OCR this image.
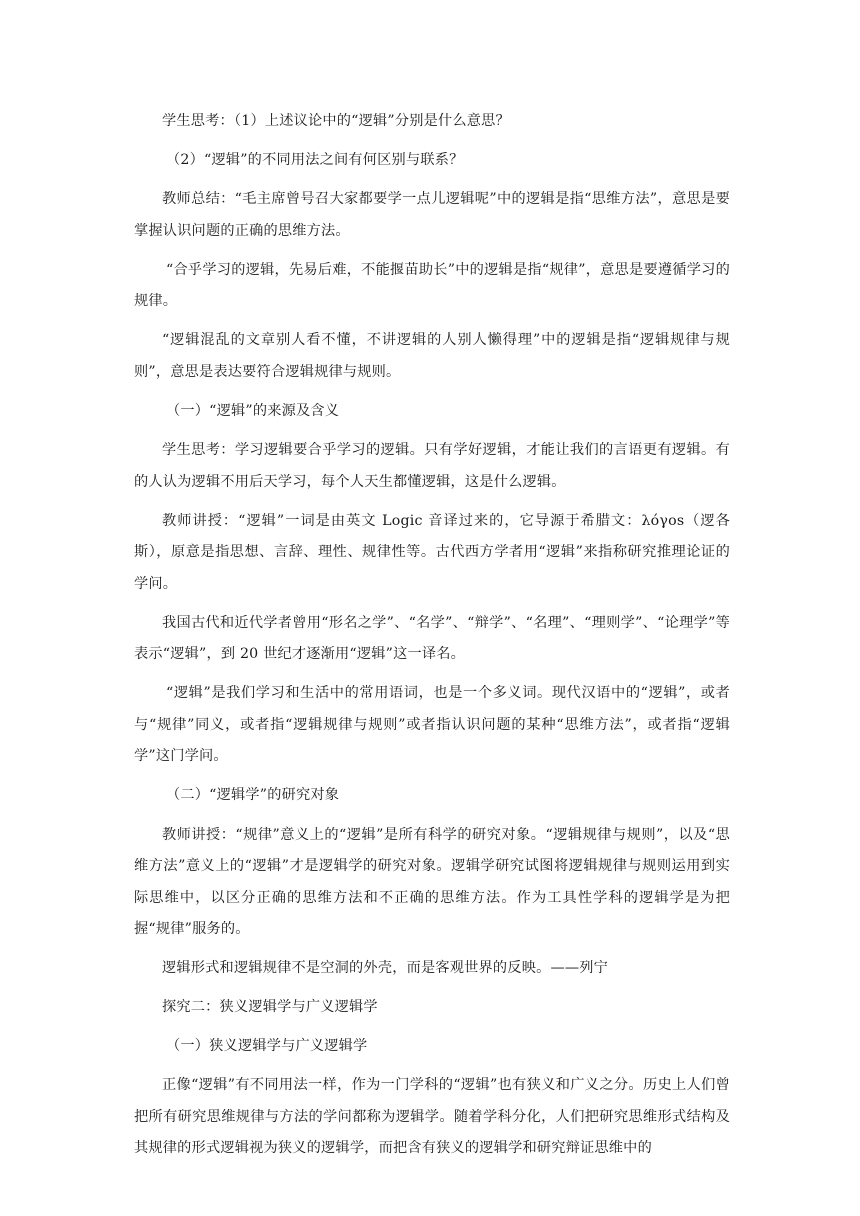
学生思考：（1）上述议论中的“逻辑”分别是什么意思？

（2）“逻辑”的不同用法之间有何区别与联系？

教师总结：“毛主席曾号召大家都要学一点儿逻辑呢”中的逻辑是指“思维方法”，意思是要掌握认识问题的正确的思维方法。

“合乎学习的逻辑，先易后难，不能揠苗助长”中的逻辑是指“规律”，意思是要遵循学习的规律。

“逻辑混乱的文章别人看不懂，不讲逻辑的人别人懒得理”中的逻辑是指“逻辑规律与规则”，意思是表达要符合逻辑规律与规则。

（一）“逻辑”的来源及含义

学生思考：学习逻辑要合乎学习的逻辑。只有学好逻辑，才能让我们的言语更有逻辑。有的人认为逻辑不用后天学习，每个人天生都懂逻辑，这是什么逻辑。

教师讲授：“逻辑”一词是由英文 Logic 音译过来的，它导源于希腊文：λόγοs（逻各斯），原意是指思想、言辞、理性、规律性等。古代西方学者用“逻辑”来指称研究推理论证的学问。

我国古代和近代学者曾用“形名之学”、“名学”、“辩学”、“名理”、“理则学”、“论理学”等表示“逻辑”，到 20 世纪才逐渐用“逻辑”这一译名。

“逻辑”是我们学习和生活中的常用语词，也是一个多义词。现代汉语中的“逻辑”，或者与“规律”同义，或者指“逻辑规律与规则”或者指认识问题的某种“思维方法”，或者指“逻辑学”这门学问。

（二）“逻辑学”的研究对象

教师讲授：“规律”意义上的“逻辑”是所有科学的研究对象。“逻辑规律与规则”，以及“思维方法”意义上的“逻辑”才是逻辑学的研究对象。逻辑学研究试图将逻辑规律与规则运用到实际思维中，以区分正确的思维方法和不正确的思维方法。作为工具性学科的逻辑学是为把握“规律”服务的。

逻辑形式和逻辑规律不是空洞的外壳，而是客观世界的反映。——列宁

探究二：狭义逻辑学与广义逻辑学

（一）狭义逻辑学与广义逻辑学

正像“逻辑”有不同用法一样，作为一门学科的“逻辑”也有狭义和广义之分。历史上人们曾把所有研究思维规律与方法的学问都称为逻辑学。随着学科分化，人们把研究思维形式结构及其规律的形式逻辑视为狭义的逻辑学，而把含有狭义的逻辑学和研究辩证思维中的
